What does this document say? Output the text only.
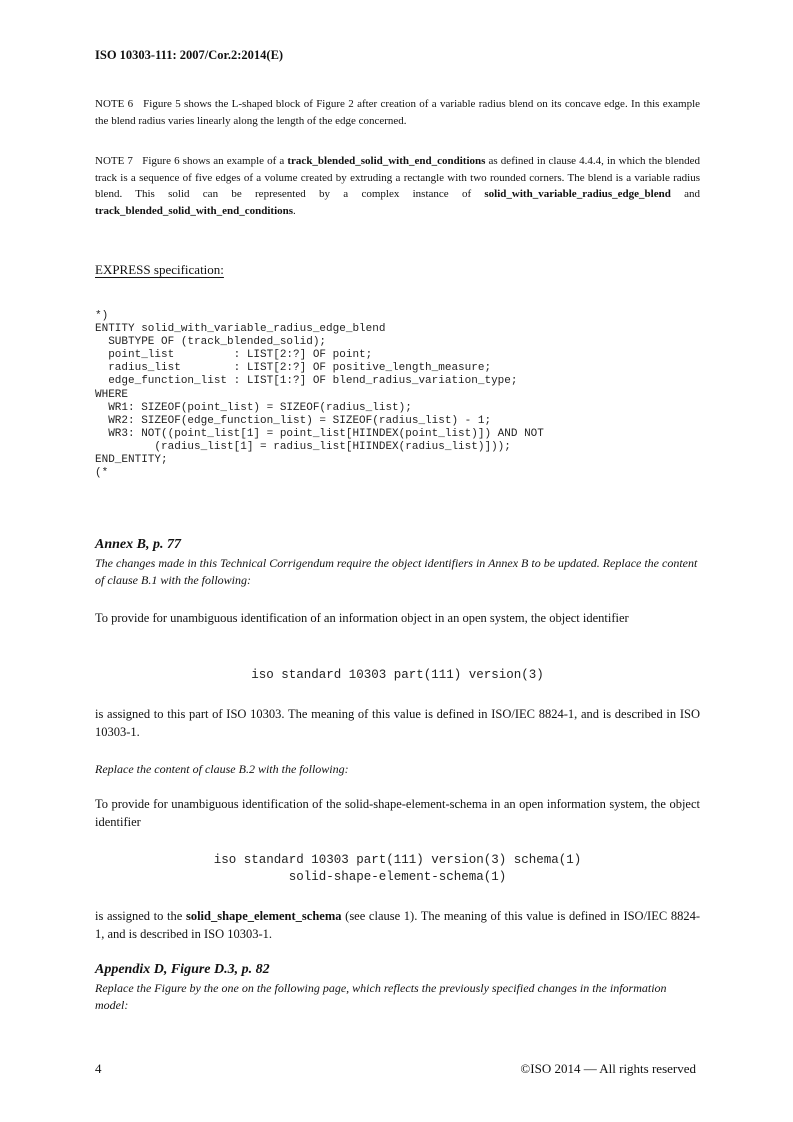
ISO 10303-111: 2007/Cor.2:2014(E)
NOTE 6 Figure 5 shows the L-shaped block of Figure 2 after creation of a variable radius blend on its concave edge. In this example the blend radius varies linearly along the length of the edge concerned.
NOTE 7 Figure 6 shows an example of a track_blended_solid_with_end_conditions as defined in clause 4.4.4, in which the blended track is a sequence of five edges of a volume created by extruding a rectangle with two rounded corners. The blend is a variable radius blend. This solid can be represented by a complex instance of solid_with_variable_radius_edge_blend and track_blended_solid_with_end_conditions.
EXPRESS specification:
*)
ENTITY solid_with_variable_radius_edge_blend
SUBTYPE OF (track_blended_solid);
point_list         : LIST[2:?] OF point;
radius_list        : LIST[2:?] OF positive_length_measure;
edge_function_list : LIST[1:?] OF blend_radius_variation_type;
WHERE
WR1: SIZEOF(point_list) = SIZEOF(radius_list);
WR2: SIZEOF(edge_function_list) = SIZEOF(radius_list) - 1;
WR3: NOT((point_list[1] = point_list[HIINDEX(point_list)]) AND NOT
(radius_list[1] = radius_list[HIINDEX(radius_list)]));
END_ENTITY;
(*
Annex B, p. 77
The changes made in this Technical Corrigendum require the object identifiers in Annex B to be updated. Replace the content of clause B.1 with the following:
To provide for unambiguous identification of an information object in an open system, the object identifier
iso standard 10303 part(111) version(3)
is assigned to this part of ISO 10303. The meaning of this value is defined in ISO/IEC 8824-1, and is described in ISO 10303-1.
Replace the content of clause B.2 with the following:
To provide for unambiguous identification of the solid-shape-element-schema in an open information system, the object identifier
iso standard 10303 part(111) version(3) schema(1)
solid-shape-element-schema(1)
is assigned to the solid_shape_element_schema (see clause 1). The meaning of this value is defined in ISO/IEC 8824-1, and is described in ISO 10303-1.
Appendix D, Figure D.3, p. 82
Replace the Figure by the one on the following page, which reflects the previously specified changes in the information model:
4	©ISO 2014 — All rights reserved
